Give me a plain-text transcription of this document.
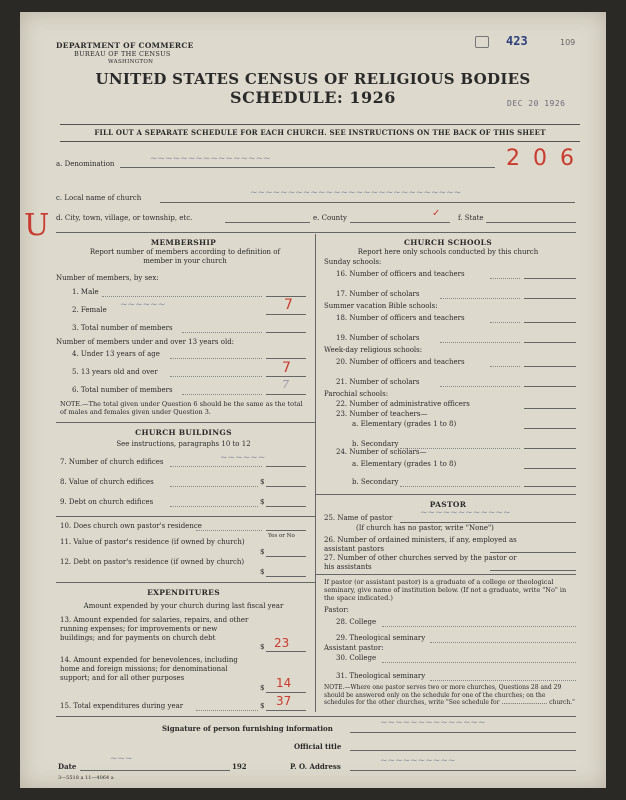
DEPARTMENT OF COMMERCE
BUREAU OF THE CENSUS
WASHINGTON
423	109
UNITED STATES CENSUS OF RELIGIOUS BODIES
SCHEDULE: 1926	DEC 20 1926
FILL OUT A SEPARATE SCHEDULE FOR EACH CHURCH. SEE INSTRUCTIONS ON THE BACK OF THIS SHEET
a. Denomination	~~~~~~~~~~~~~~~~	2 0 6
U
c. Local name of church	~~~~~~~~~~~~~~~~~~~~~~~~~~~~
d. City, town, village, or township, etc.	e. County	✓	f. State
MEMBERSHIP
Report number of members according to definition of member in your church
Number of members, by sex:
1. Male
2. Female ~~~~~~	7
3. Total number of members
Number of members under and over 13 years old:
4. Under 13 years of age
5. 13 years old and over	7
6. Total number of members	7
NOTE.—The total given under Question 6 should be the same as the total of males and females given under Question 3.
CHURCH BUILDINGS
See instructions, paragraphs 10 to 12
7. Number of church edifices	~~~~~~
8. Value of church edifices	$
9. Debt on church edifices	$
10. Does church own pastor's residence
Yes or No
11. Value of pastor's residence (if owned by church)
$
12. Debt on pastor's residence (if owned by church)
$
EXPENDITURES
Amount expended by your church during last fiscal year
13. Amount expended for salaries, repairs, and other running expenses; for improvements or new buildings; and for payments on church debt
$ 23
14. Amount expended for benevolences, including home and foreign missions; for denominational support; and for all other purposes
$ 14
15. Total expenditures during year	$ 37
CHURCH SCHOOLS
Report here only schools conducted by this church
Sunday schools:
16. Number of officers and teachers
17. Number of scholars
Summer vacation Bible schools:
18. Number of officers and teachers
19. Number of scholars
Week-day religious schools:
20. Number of officers and teachers
21. Number of scholars
Parochial schools:
22. Number of administrative officers
23. Number of teachers—
a. Elementary (grades 1 to 8)
b. Secondary
24. Number of scholars—
a. Elementary (grades 1 to 8)
b. Secondary
PASTOR
25. Name of pastor	~~~~~~~~~~~~
(If church has no pastor, write "None")
26. Number of ordained ministers, if any, employed as assistant pastors
27. Number of other churches served by the pastor or his assistants
If pastor (or assistant pastor) is a graduate of a college or theological seminary, give name of institution below. (If not a graduate, write "No" in the space indicated.)
Pastor:
28. College
29. Theological seminary
Assistant pastor:
30. College
31. Theological seminary
NOTE.—Where one pastor serves two or more churches, Questions 28 and 29 should be answered only on the schedule for one of the churches; on the schedules for the other churches, write "See schedule for ........................ church."
Signature of person furnishing information
~~~~~~~~~~~~~~
Official title
Date
~~~
192	P. O. Address
~~~~~~~~~~
3—5518 a 11—4064 a
